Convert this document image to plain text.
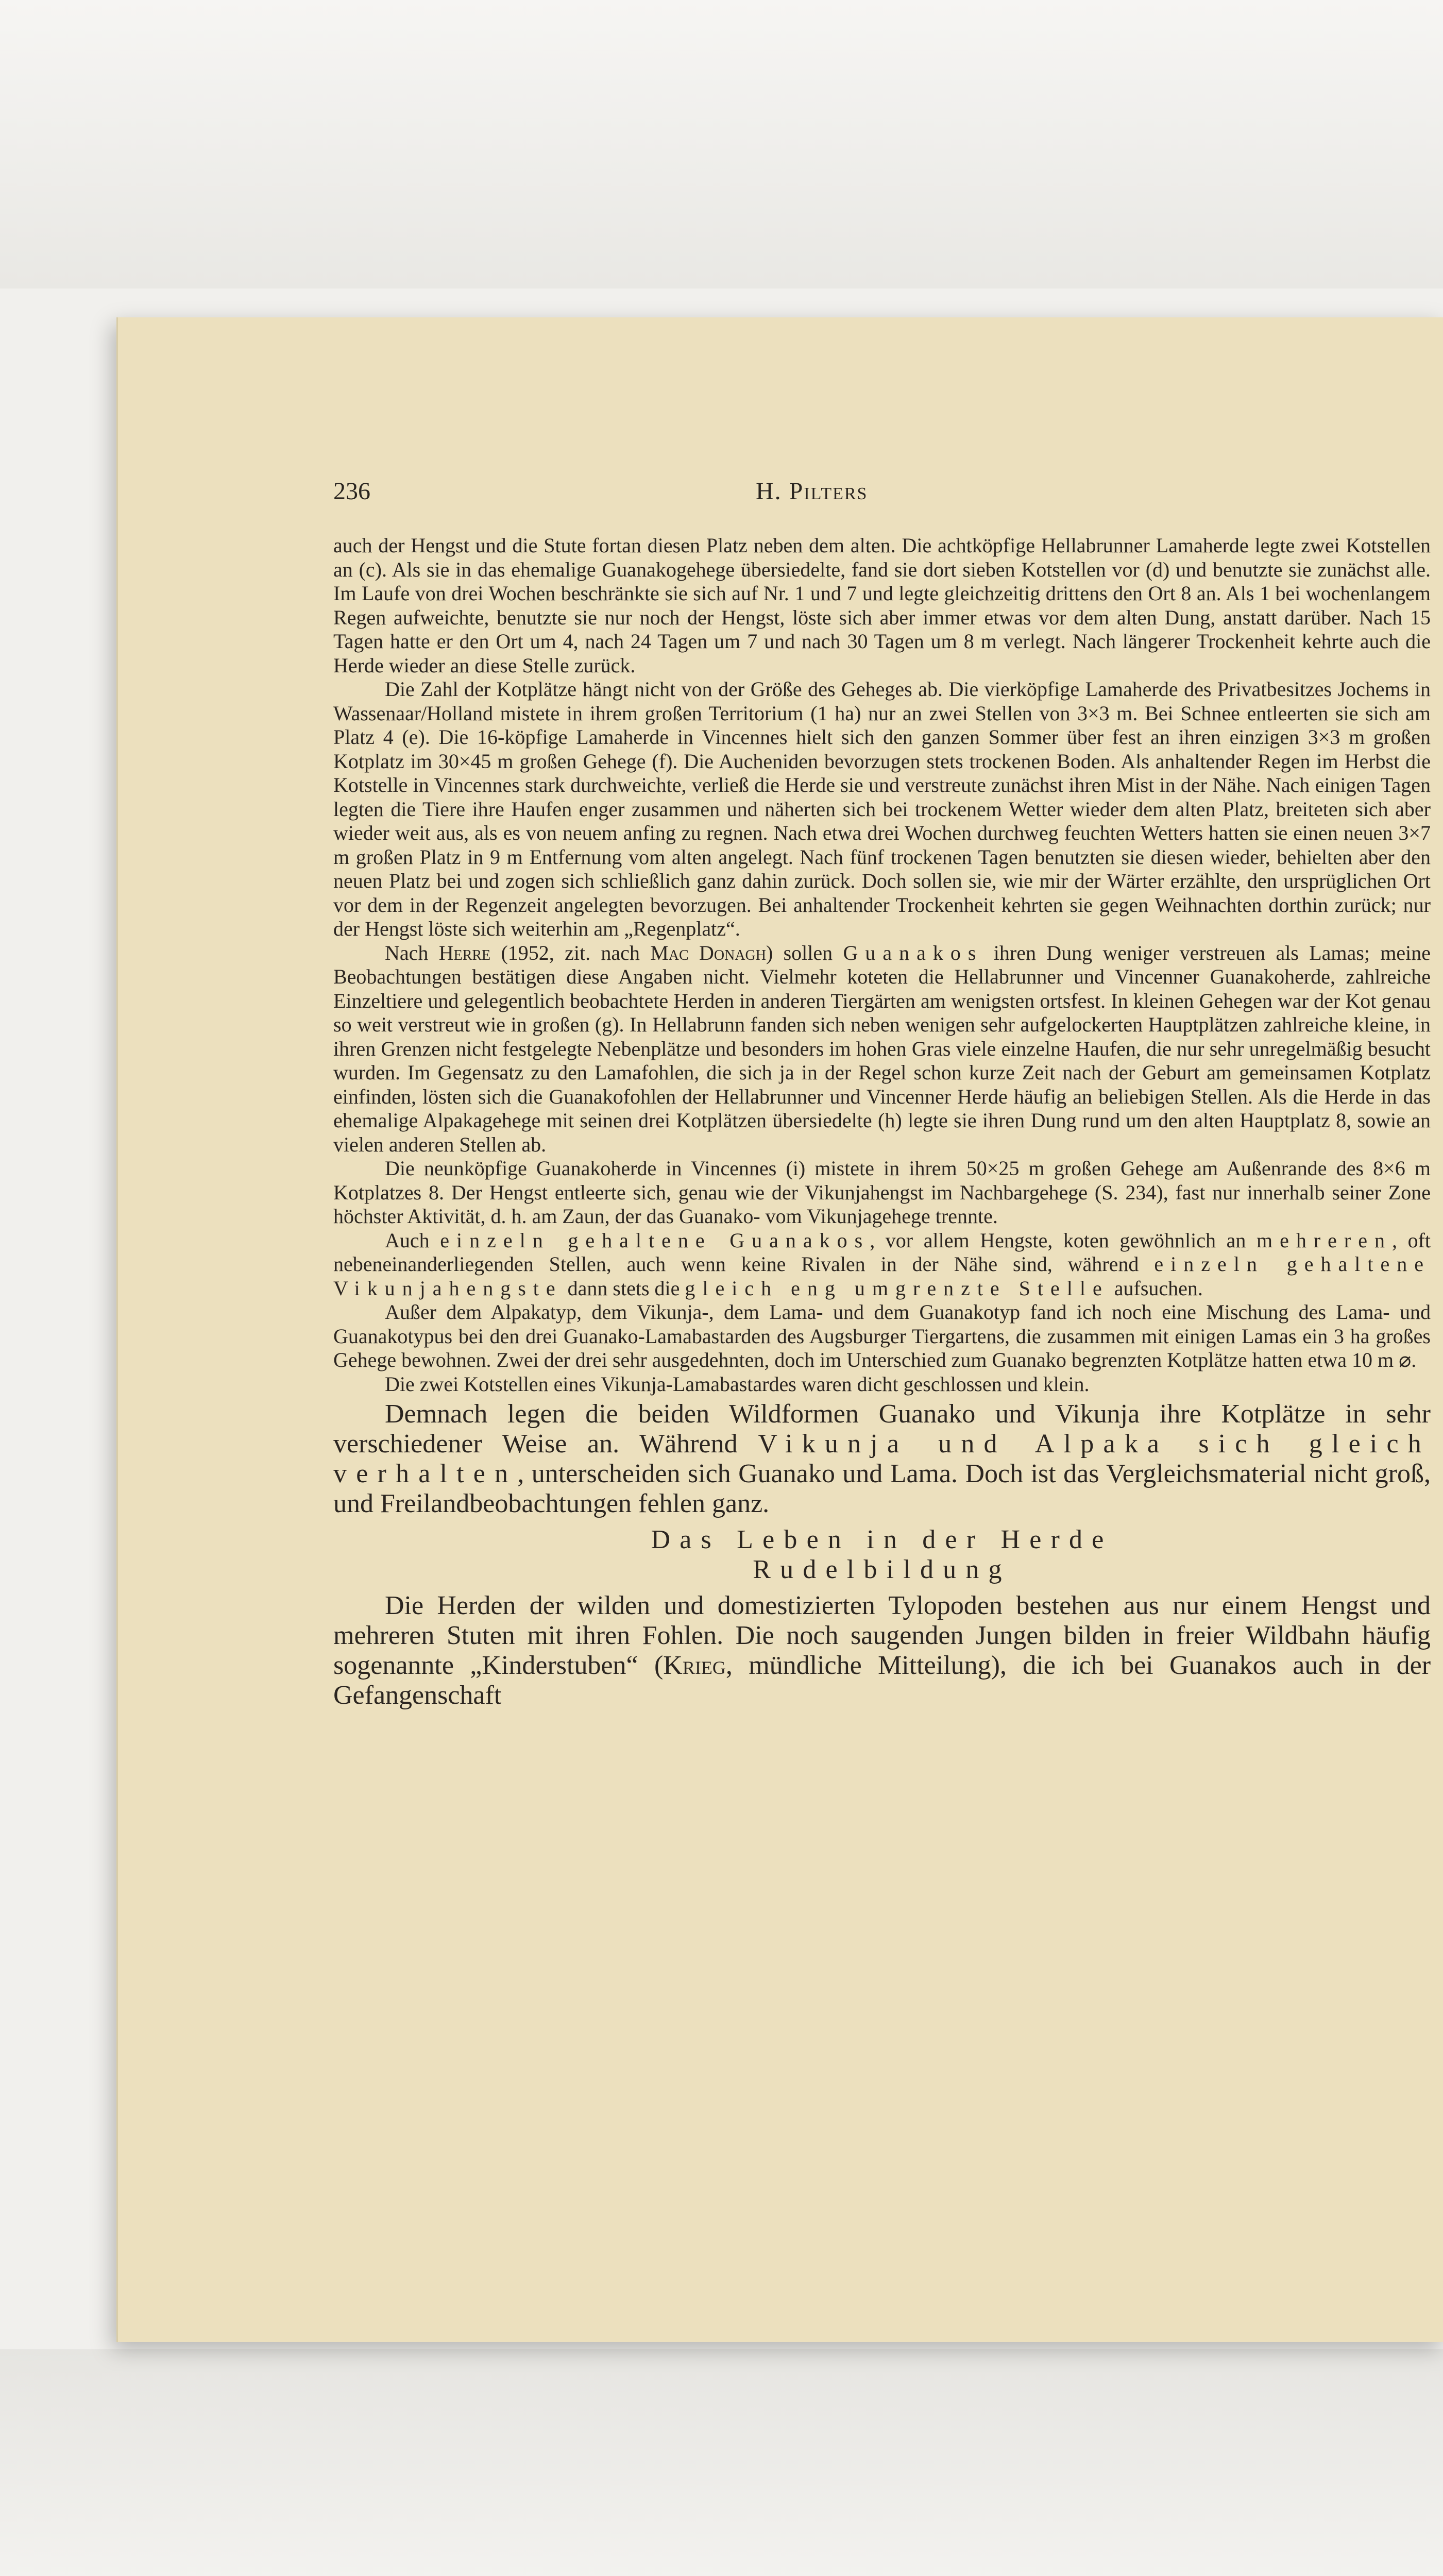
236	H. Pilters

auch der Hengst und die Stute fortan diesen Platz neben dem alten. Die achtköpfige Hellabrunner Lamaherde legte zwei Kotstellen an (c). Als sie in das ehemalige Guanakogehege übersiedelte, fand sie dort sieben Kotstellen vor (d) und benutzte sie zunächst alle. Im Laufe von drei Wochen beschränkte sie sich auf Nr. 1 und 7 und legte gleichzeitig drittens den Ort 8 an. Als 1 bei wochenlangem Regen aufweichte, benutzte sie nur noch der Hengst, löste sich aber immer etwas vor dem alten Dung, anstatt darüber. Nach 15 Tagen hatte er den Ort um 4, nach 24 Tagen um 7 und nach 30 Tagen um 8 m verlegt. Nach längerer Trockenheit kehrte auch die Herde wieder an diese Stelle zurück.

Die Zahl der Kotplätze hängt nicht von der Größe des Geheges ab. Die vierköpfige Lamaherde des Privatbesitzes Jochems in Wassenaar/Holland mistete in ihrem großen Territorium (1 ha) nur an zwei Stellen von 3×3 m. Bei Schnee entleerten sie sich am Platz 4 (e). Die 16-köpfige Lamaherde in Vincennes hielt sich den ganzen Sommer über fest an ihren einzigen 3×3 m großen Kotplatz im 30×45 m großen Gehege (f). Die Aucheniden bevorzugen stets trockenen Boden. Als anhaltender Regen im Herbst die Kotstelle in Vincennes stark durchweichte, verließ die Herde sie und verstreute zunächst ihren Mist in der Nähe. Nach einigen Tagen legten die Tiere ihre Haufen enger zusammen und näherten sich bei trockenem Wetter wieder dem alten Platz, breiteten sich aber wieder weit aus, als es von neuem anfing zu regnen. Nach etwa drei Wochen durchweg feuchten Wetters hatten sie einen neuen 3×7 m großen Platz in 9 m Entfernung vom alten angelegt. Nach fünf trockenen Tagen benutzten sie diesen wieder, behielten aber den neuen Platz bei und zogen sich schließlich ganz dahin zurück. Doch sollen sie, wie mir der Wärter erzählte, den ursprüglichen Ort vor dem in der Regenzeit angelegten bevorzugen. Bei anhaltender Trockenheit kehrten sie gegen Weihnachten dorthin zurück; nur der Hengst löste sich weiterhin am „Regenplatz“.

Nach Herre (1952, zit. nach Mac Donagh) sollen Guanakos ihren Dung weniger verstreuen als Lamas; meine Beobachtungen bestätigen diese Angaben nicht. Vielmehr koteten die Hellabrunner und Vincenner Guanakoherde, zahlreiche Einzeltiere und gelegentlich beobachtete Herden in anderen Tiergärten am wenigsten ortsfest. In kleinen Gehegen war der Kot genau so weit verstreut wie in großen (g). In Hellabrunn fanden sich neben wenigen sehr aufgelockerten Hauptplätzen zahlreiche kleine, in ihren Grenzen nicht festgelegte Nebenplätze und besonders im hohen Gras viele einzelne Haufen, die nur sehr unregelmäßig besucht wurden. Im Gegensatz zu den Lamafohlen, die sich ja in der Regel schon kurze Zeit nach der Geburt am gemeinsamen Kotplatz einfinden, lösten sich die Guanakofohlen der Hellabrunner und Vincenner Herde häufig an beliebigen Stellen. Als die Herde in das ehemalige Alpakagehege mit seinen drei Kotplätzen übersiedelte (h) legte sie ihren Dung rund um den alten Hauptplatz 8, sowie an vielen anderen Stellen ab.

Die neunköpfige Guanakoherde in Vincennes (i) mistete in ihrem 50×25 m großen Gehege am Außenrande des 8×6 m Kotplatzes 8. Der Hengst entleerte sich, genau wie der Vikunjahengst im Nachbargehege (S. 234), fast nur innerhalb seiner Zone höchster Aktivität, d. h. am Zaun, der das Guanako- vom Vikunjagehege trennte.

Auch einzeln gehaltene Guanakos, vor allem Hengste, koten gewöhnlich an mehreren, oft nebeneinanderliegenden Stellen, auch wenn keine Rivalen in der Nähe sind, während einzeln gehaltene Vikunjahengste dann stets die gleich eng umgrenzte Stelle aufsuchen.

Außer dem Alpakatyp, dem Vikunja-, dem Lama- und dem Guanakotyp fand ich noch eine Mischung des Lama- und Guanakotypus bei den drei Guanako-Lamabastarden des Augsburger Tiergartens, die zusammen mit einigen Lamas ein 3 ha großes Gehege bewohnen. Zwei der drei sehr ausgedehnten, doch im Unterschied zum Guanako begrenzten Kotplätze hatten etwa 10 m ⌀.

Die zwei Kotstellen eines Vikunja-Lamabastardes waren dicht geschlossen und klein.

Demnach legen die beiden Wildformen Guanako und Vikunja ihre Kotplätze in sehr verschiedener Weise an. Während Vikunja und Alpaka sich gleich verhalten, unterscheiden sich Guanako und Lama. Doch ist das Vergleichsmaterial nicht groß, und Freilandbeobachtungen fehlen ganz.

Das Leben in der Herde

Rudelbildung

Die Herden der wilden und domestizierten Tylopoden bestehen aus nur einem Hengst und mehreren Stuten mit ihren Fohlen. Die noch saugenden Jungen bilden in freier Wildbahn häufig sogenannte „Kinderstuben“ (Krieg, mündliche Mitteilung), die ich bei Guanakos auch in der Gefangenschaft
